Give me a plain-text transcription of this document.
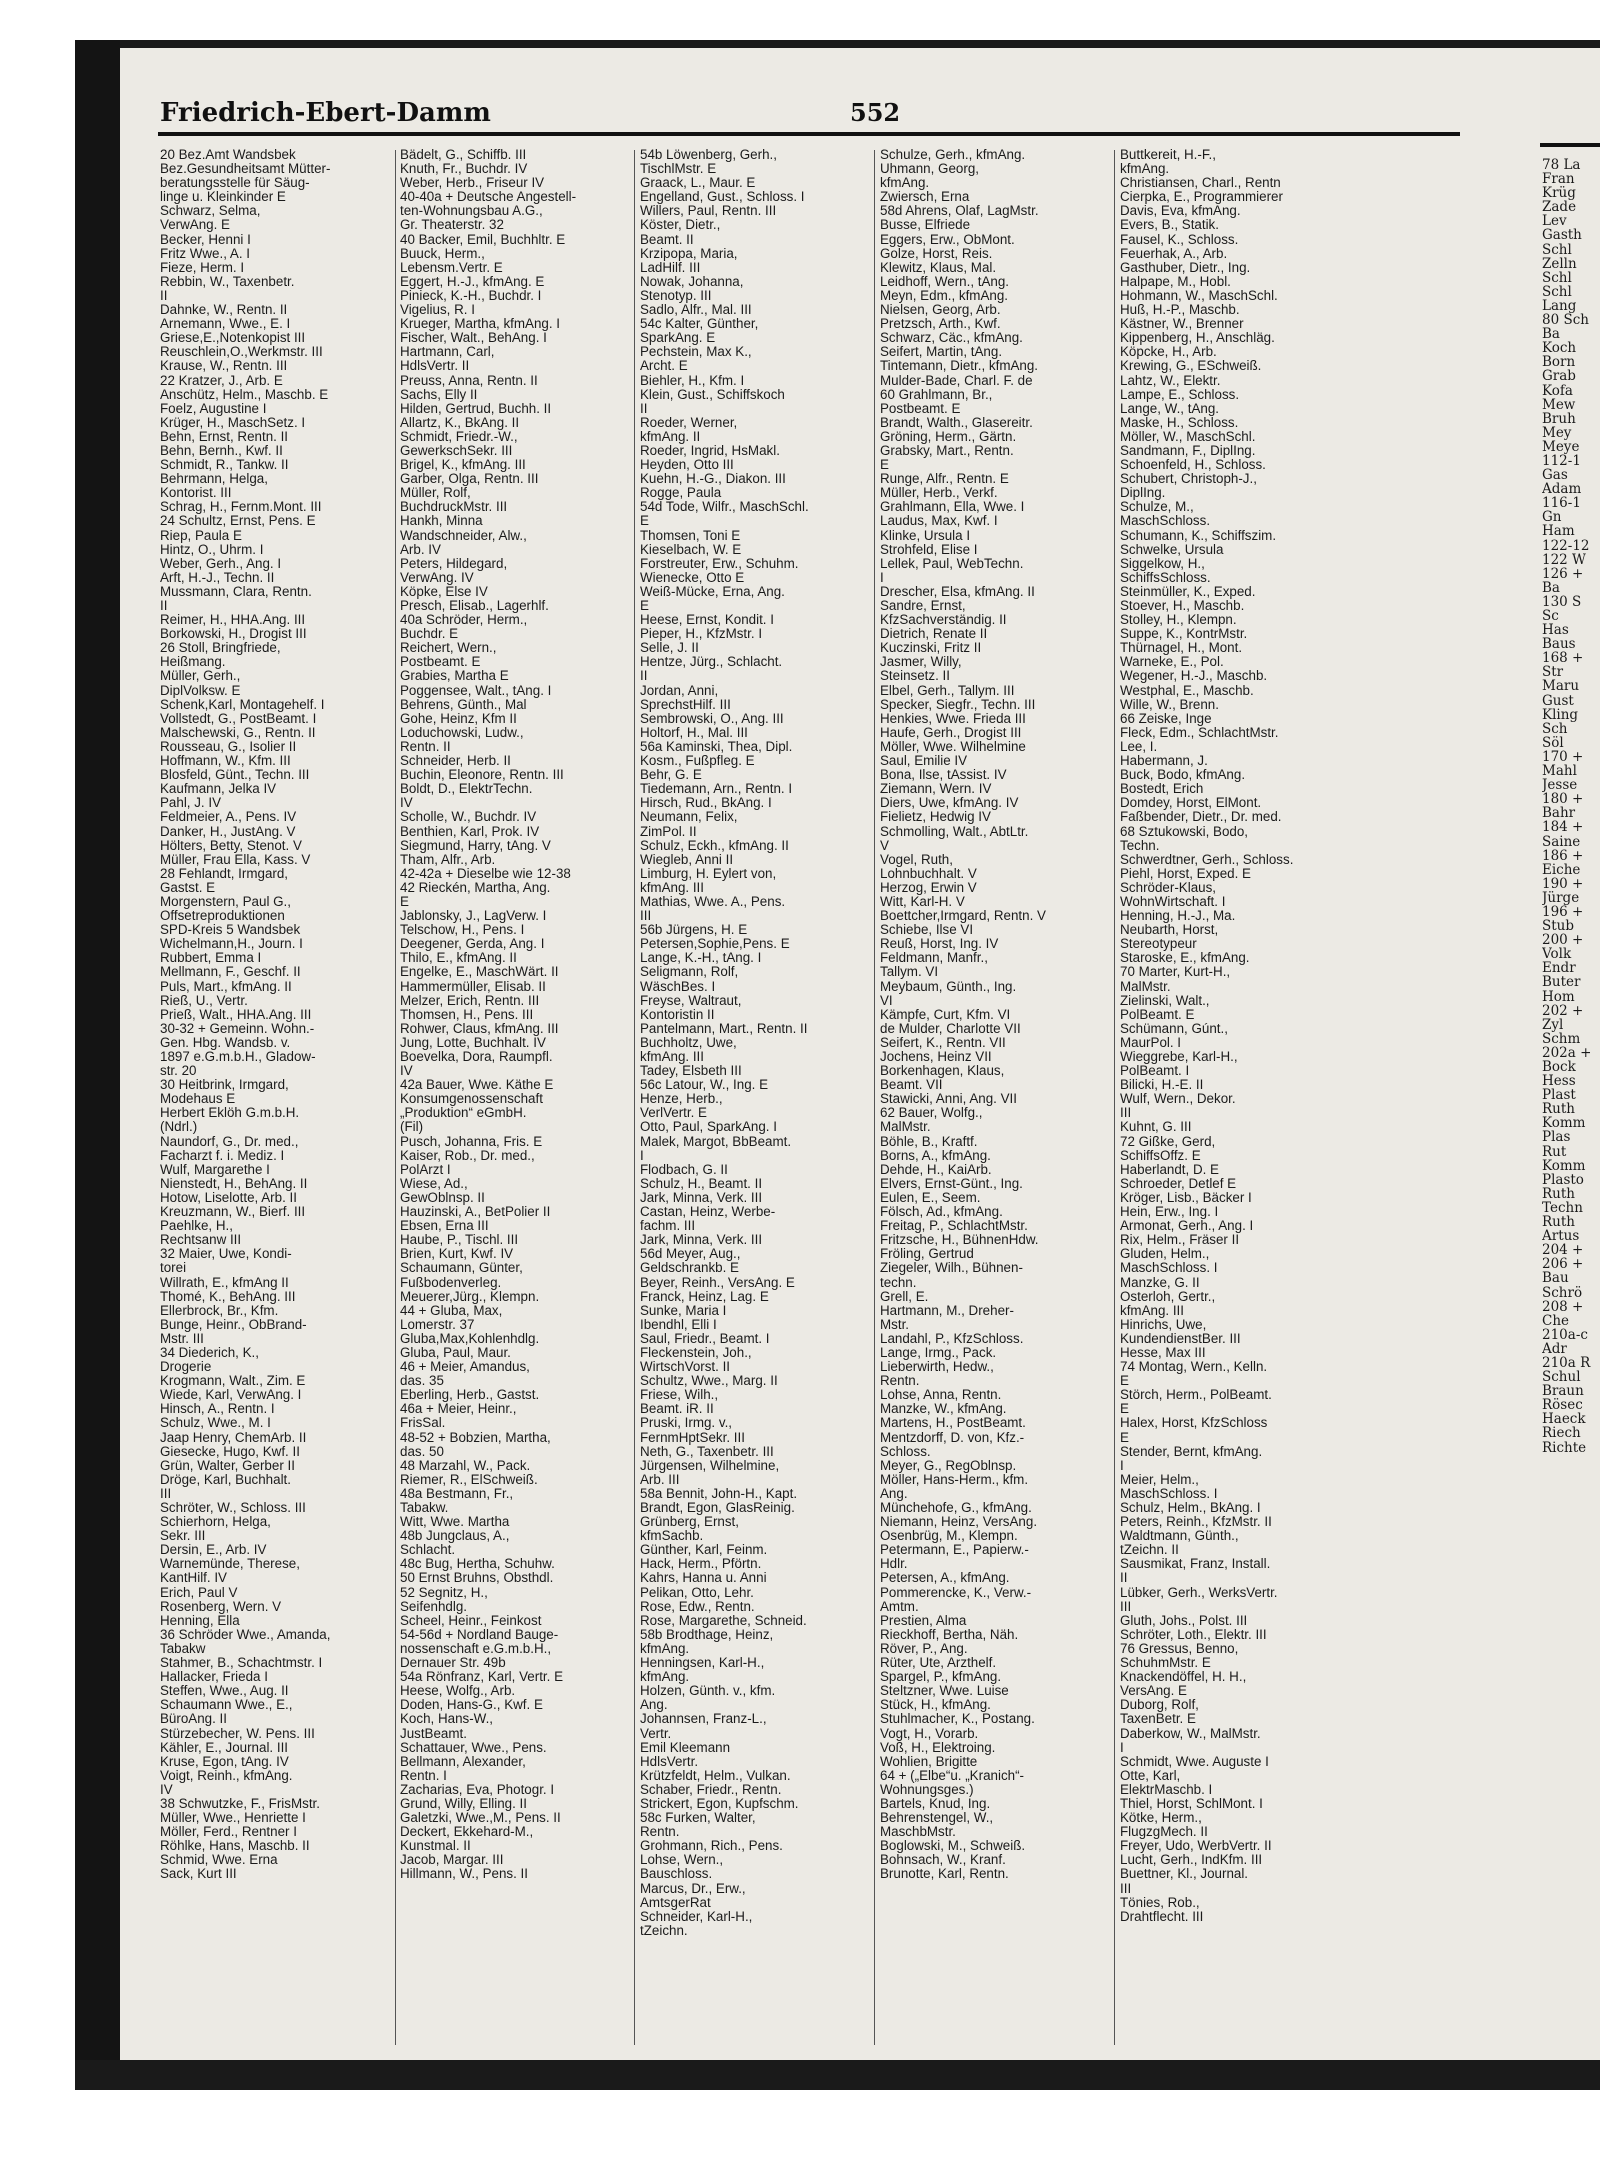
Friedrich-Ebert-Damm	552
20 Bez.Amt Wandsbek
Bez.Gesundheitsamt Mütter-
beratungsstelle für Säug-
linge u. Kleinkinder E
Schwarz, Selma,
VerwAng. E
Becker, Henni I
Fritz Wwe., A. I
Fieze, Herm. I
Rebbin, W., Taxenbetr.
II
Dahnke, W., Rentn. II
Arnemann, Wwe., E. I
Griese,E.,Notenkopist III
Reuschlein,O.,Werkmstr. III
Krause, W., Rentn. III
22 Kratzer, J., Arb. E
Anschütz, Helm., Maschb. E
Foelz, Augustine I
Krüger, H., MaschSetz. I
Behn, Ernst, Rentn. II
Behn, Bernh., Kwf. II
Schmidt, R., Tankw. II
Behrmann, Helga,
Kontorist. III
Schrag, H., Fernm.Mont. III
24 Schultz, Ernst, Pens. E
Riep, Paula E
Hintz, O., Uhrm. I
Weber, Gerh., Ang. I
Arft, H.-J., Techn. II
Mussmann, Clara, Rentn.
II
Reimer, H., HHA.Ang. III
Borkowski, H., Drogist III
26 Stoll, Bringfriede,
Heißmang.
Müller, Gerh.,
DiplVolksw. E
Schenk,Karl, Montagehelf. I
Vollstedt, G., PostBeamt. I
Malschewski, G., Rentn. II
Rousseau, G., Isolier II
Hoffmann, W., Kfm. III
Blosfeld, Günt., Techn. III
Kaufmann, Jelka IV
Pahl, J. IV
Feldmeier, A., Pens. IV
Danker, H., JustAng. V
Hölters, Betty, Stenot. V
Müller, Frau Ella, Kass. V
28 Fehlandt, Irmgard,
Gastst. E
Morgenstern, Paul G.,
Offsetreproduktionen
SPD-Kreis 5 Wandsbek
Wichelmann,H., Journ. I
Rubbert, Emma I
Mellmann, F., Geschf. II
Puls, Mart., kfmAng. II
Rieß, U., Vertr.
Prieß, Walt., HHA.Ang. III
30-32 + Gemeinn. Wohn.-
Gen. Hbg. Wandsb. v.
1897 e.G.m.b.H., Gladow-
str. 20
30 Heitbrink, Irmgard,
Modehaus E
Herbert Eklöh G.m.b.H.
(Ndrl.)
Naundorf, G., Dr. med.,
Facharzt f. i. Mediz. I
Wulf, Margarethe I
Nienstedt, H., BehAng. II
Hotow, Liselotte, Arb. II
Kreuzmann, W., Bierf. III
Paehlke, H.,
Rechtsanw III
32 Maier, Uwe, Kondi-
torei
Willrath, E., kfmAng II
Thomé, K., BehAng. III
Ellerbrock, Br., Kfm.
Bunge, Heinr., ObBrand-
Mstr. III
34 Diederich, K.,
Drogerie
Krogmann, Walt., Zim. E
Wiede, Karl, VerwAng. I
Hinsch, A., Rentn. I
Schulz, Wwe., M. I
Jaap Henry, ChemArb. II
Giesecke, Hugo, Kwf. II
Grün, Walter, Gerber II
Dröge, Karl, Buchhalt.
III
Schröter, W., Schloss. III
Schierhorn, Helga,
Sekr. III
Dersin, E., Arb. IV
Warnemünde, Therese,
KantHilf. IV
Erich, Paul V
Rosenberg, Wern. V
Henning, Ella
36 Schröder Wwe., Amanda,
Tabakw
Stahmer, B., Schachtmstr. I
Hallacker, Frieda I
Steffen, Wwe., Aug. II
Schaumann Wwe., E.,
BüroAng. II
Stürzebecher, W. Pens. III
Kähler, E., Journal. III
Kruse, Egon, tAng. IV
Voigt, Reinh., kfmAng.
IV
38 Schwutzke, F., FrisMstr.
Müller, Wwe., Henriette I
Möller, Ferd., Rentner I
Röhlke, Hans, Maschb. II
Schmid, Wwe. Erna
Sack, Kurt III
Bädelt, G., Schiffb. III
Knuth, Fr., Buchdr. IV
Weber, Herb., Friseur IV
40-40a + Deutsche Angestell-
ten-Wohnungsbau A.G.,
Gr. Theaterstr. 32
40 Backer, Emil, Buchhltr. E
Buuck, Herm.,
Lebensm.Vertr. E
Eggert, H.-J., kfmAng. E
Pinieck, K.-H., Buchdr. I
Vigelius, R. I
Krueger, Martha, kfmAng. I
Fischer, Walt., BehAng. I
Hartmann, Carl,
HdlsVertr. II
Preuss, Anna, Rentn. II
Sachs, Elly II
Hilden, Gertrud, Buchh. II
Allartz, K., BkAng. II
Schmidt, Friedr.-W.,
GewerkschSekr. III
Brigel, K., kfmAng. III
Garber, Olga, Rentn. III
Müller, Rolf,
BuchdruckMstr. III
Hankh, Minna
Wandschneider, Alw.,
Arb. IV
Peters, Hildegard,
VerwAng. IV
Köpke, Else IV
Presch, Elisab., Lagerhlf.
40a Schröder, Herm.,
Buchdr. E
Reichert, Wern.,
Postbeamt. E
Grabies, Martha E
Poggensee, Walt., tAng. I
Behrens, Günth., Mal
Gohe, Heinz, Kfm II
Loduchowski, Ludw.,
Rentn. II
Schneider, Herb. II
Buchin, Eleonore, Rentn. III
Boldt, D., ElektrTechn.
IV
Scholle, W., Buchdr. IV
Benthien, Karl, Prok. IV
Siegmund, Harry, tAng. V
Tham, Alfr., Arb.
42-42a + Dieselbe wie 12-38
42 Rieckén, Martha, Ang.
E
Jablonsky, J., LagVerw. I
Telschow, H., Pens. I
Deegener, Gerda, Ang. I
Thilo, E., kfmAng. II
Engelke, E., MaschWärt. II
Hammermüller, Elisab. II
Melzer, Erich, Rentn. III
Thomsen, H., Pens. III
Rohwer, Claus, kfmAng. III
Jung, Lotte, Buchhalt. IV
Boevelka, Dora, Raumpfl.
IV
42a Bauer, Wwe. Käthe E
Konsumgenossenschaft
„Produktion“ eGmbH.
(Fil)
Pusch, Johanna, Fris. E
Kaiser, Rob., Dr. med.,
PolArzt I
Wiese, Ad.,
GewOblnsp. II
Hauzinski, A., BetPolier II
Ebsen, Erna III
Haube, P., Tischl. III
Brien, Kurt, Kwf. IV
Schaumann, Günter,
Fußbodenverleg.
Meuerer,Jürg., Klempn.
44 + Gluba, Max,
Lomerstr. 37
Gluba,Max,Kohlenhdlg.
Gluba, Paul, Maur.
46 + Meier, Amandus,
das. 35
Eberling, Herb., Gastst.
46a + Meier, Heinr.,
FrisSal.
48-52 + Bobzien, Martha,
das. 50
48 Marzahl, W., Pack.
Riemer, R., ElSchweiß.
48a Bestmann, Fr.,
Tabakw.
Witt, Wwe. Martha
48b Jungclaus, A.,
Schlacht.
48c Bug, Hertha, Schuhw.
50 Ernst Bruhns, Obsthdl.
52 Segnitz, H.,
Seifenhdlg.
Scheel, Heinr., Feinkost
54-56d + Nordland Bauge-
nossenschaft e.G.m.b.H.,
Dernauer Str. 49b
54a Rönfranz, Karl, Vertr. E
Heese, Wolfg., Arb.
Doden, Hans-G., Kwf. E
Koch, Hans-W.,
JustBeamt.
Schattauer, Wwe., Pens.
Bellmann, Alexander,
Rentn. I
Zacharias, Eva, Photogr. I
Grund, Willy, Elling. II
Galetzki, Wwe.,M., Pens. II
Deckert, Ekkehard-M.,
Kunstmal. II
Jacob, Margar. III
Hillmann, W., Pens. II
54b Löwenberg, Gerh.,
TischlMstr. E
Graack, L., Maur. E
Engelland, Gust., Schloss. I
Willers, Paul, Rentn. III
Köster, Dietr.,
Beamt. II
Krzipopa, Maria,
LadHilf. III
Nowak, Johanna,
Stenotyp. III
Sadlo, Alfr., Mal. III
54c Kalter, Günther,
SparkAng. E
Pechstein, Max K.,
Archt. E
Biehler, H., Kfm. I
Klein, Gust., Schiffskoch
II
Roeder, Werner,
kfmAng. II
Roeder, Ingrid, HsMakl.
Heyden, Otto III
Kuehn, H.-G., Diakon. III
Rogge, Paula
54d Tode, Wilfr., MaschSchl.
E
Thomsen, Toni E
Kieselbach, W. E
Forstreuter, Erw., Schuhm.
Wienecke, Otto E
Weiß-Mücke, Erna, Ang.
E
Heese, Ernst, Kondit. I
Pieper, H., KfzMstr. I
Selle, J. II
Hentze, Jürg., Schlacht.
II
Jordan, Anni,
SprechstHilf. III
Sembrowski, O., Ang. III
Holtorf, H., Mal. III
56a Kaminski, Thea, Dipl.
Kosm., Fußpfleg. E
Behr, G. E
Tiedemann, Arn., Rentn. I
Hirsch, Rud., BkAng. I
Neumann, Felix,
ZimPol. II
Schulz, Eckh., kfmAng. II
Wiegleb, Anni II
Limburg, H. Eylert von,
kfmAng. III
Mathias, Wwe. A., Pens.
III
56b Jürgens, H. E
Petersen,Sophie,Pens. E
Lange, K.-H., tAng. I
Seligmann, Rolf,
WäschBes. I
Freyse, Waltraut,
Kontoristin II
Pantelmann, Mart., Rentn. II
Buchholtz, Uwe,
kfmAng. III
Tadey, Elsbeth III
56c Latour, W., Ing. E
Henze, Herb.,
VerlVertr. E
Otto, Paul, SparkAng. I
Malek, Margot, BbBeamt.
I
Flodbach, G. II
Schulz, H., Beamt. II
Jark, Minna, Verk. III
Castan, Heinz, Werbe-
fachm. III
Jark, Minna, Verk. III
56d Meyer, Aug.,
Geldschrankb. E
Beyer, Reinh., VersAng. E
Franck, Heinz, Lag. E
Sunke, Maria I
Ibendhl, Elli I
Saul, Friedr., Beamt. I
Fleckenstein, Joh.,
WirtschVorst. II
Schultz, Wwe., Marg. II
Friese, Wilh.,
Beamt. iR. II
Pruski, Irmg. v.,
FernmHptSekr. III
Neth, G., Taxenbetr. III
Jürgensen, Wilhelmine,
Arb. III
58a Bennit, John-H., Kapt.
Brandt, Egon, GlasReinig.
Grünberg, Ernst,
kfmSachb.
Günther, Karl, Feinm.
Hack, Herm., Pförtn.
Kahrs, Hanna u. Anni
Pelikan, Otto, Lehr.
Rose, Edw., Rentn.
Rose, Margarethe, Schneid.
58b Brodthage, Heinz,
kfmAng.
Henningsen, Karl-H.,
kfmAng.
Holzen, Günth. v., kfm.
Ang.
Johannsen, Franz-L.,
Vertr.
Emil Kleemann
HdlsVertr.
Krützfeldt, Helm., Vulkan.
Schaber, Friedr., Rentn.
Strickert, Egon, Kupfschm.
58c Furken, Walter,
Rentn.
Grohmann, Rich., Pens.
Lohse, Wern.,
Bauschloss.
Marcus, Dr., Erw.,
AmtsgerRat
Schneider, Karl-H.,
tZeichn.
Schulze, Gerh., kfmAng.
Uhmann, Georg,
kfmAng.
Zwiersch, Erna
58d Ahrens, Olaf, LagMstr.
Busse, Elfriede
Eggers, Erw., ObMont.
Golze, Horst, Reis.
Klewitz, Klaus, Mal.
Leidhoff, Wern., tAng.
Meyn, Edm., kfmAng.
Nielsen, Georg, Arb.
Pretzsch, Arth., Kwf.
Schwarz, Cäc., kfmAng.
Seifert, Martin, tAng.
Tintemann, Dietr., kfmAng.
Mulder-Bade, Charl. F. de
60 Grahlmann, Br.,
Postbeamt. E
Brandt, Walth., Glasereitr.
Gröning, Herm., Gärtn.
Grabsky, Mart., Rentn.
E
Runge, Alfr., Rentn. E
Müller, Herb., Verkf.
Grahlmann, Ella, Wwe. I
Laudus, Max, Kwf. I
Klinke, Ursula I
Strohfeld, Elise I
Lellek, Paul, WebTechn.
I
Drescher, Elsa, kfmAng. II
Sandre, Ernst,
KfzSachverständig. II
Dietrich, Renate II
Kuczinski, Fritz II
Jasmer, Willy,
Steinsetz. II
Elbel, Gerh., Tallym. III
Specker, Siegfr., Techn. III
Henkies, Wwe. Frieda III
Haufe, Gerh., Drogist III
Möller, Wwe. Wilhelmine
Saul, Emilie IV
Bona, Ilse, tAssist. IV
Ziemann, Wern. IV
Diers, Uwe, kfmAng. IV
Fielietz, Hedwig IV
Schmolling, Walt., AbtLtr.
V
Vogel, Ruth,
Lohnbuchhalt. V
Herzog, Erwin V
Witt, Karl-H. V
Boettcher,Irmgard, Rentn. V
Schiebe, Ilse VI
Reuß, Horst, Ing. IV
Feldmann, Manfr.,
Tallym. VI
Meybaum, Günth., Ing.
VI
Kämpfe, Curt, Kfm. VI
de Mulder, Charlotte VII
Seifert, K., Rentn. VII
Jochens, Heinz VII
Borkenhagen, Klaus,
Beamt. VII
Stawicki, Anni, Ang. VII
62 Bauer, Wolfg.,
MalMstr.
Böhle, B., Kraftf.
Borns, A., kfmAng.
Dehde, H., KaiArb.
Elvers, Ernst-Günt., Ing.
Eulen, E., Seem.
Fölsch, Ad., kfmAng.
Freitag, P., SchlachtMstr.
Fritzsche, H., BühnenHdw.
Fröling, Gertrud
Ziegeler, Wilh., Bühnen-
techn.
Grell, E.
Hartmann, M., Dreher-
Mstr.
Landahl, P., KfzSchloss.
Lange, Irmg., Pack.
Lieberwirth, Hedw.,
Rentn.
Lohse, Anna, Rentn.
Manzke, W., kfmAng.
Martens, H., PostBeamt.
Mentzdorff, D. von, Kfz.-
Schloss.
Meyer, G., RegOblnsp.
Möller, Hans-Herm., kfm.
Ang.
Münchehofe, G., kfmAng.
Niemann, Heinz, VersAng.
Osenbrüg, M., Klempn.
Petermann, E., Papierw.-
Hdlr.
Petersen, A., kfmAng.
Pommerencke, K., Verw.-
Amtm.
Prestien, Alma
Rieckhoff, Bertha, Näh.
Röver, P., Ang.
Rüter, Ute, Arzthelf.
Spargel, P., kfmAng.
Steltzner, Wwe. Luise
Stück, H., kfmAng.
Stuhlmacher, K., Postang.
Vogt, H., Vorarb.
Voß, H., Elektroing.
Wohlien, Brigitte
64 + („Elbe“u. „Kranich“-
Wohnungsges.)
Bartels, Knud, Ing.
Behrenstengel, W.,
MaschbMstr.
Boglowski, M., Schweiß.
Bohnsach, W., Kranf.
Brunotte, Karl, Rentn.
Buttkereit, H.-F.,
kfmAng.
Christiansen, Charl., Rentn
Cierpka, E., Programmierer
Davis, Eva, kfmAng.
Evers, B., Statik.
Fausel, K., Schloss.
Feuerhak, A., Arb.
Gasthuber, Dietr., Ing.
Halpape, M., Hobl.
Hohmann, W., MaschSchl.
Huß, H.-P., Maschb.
Kästner, W., Brenner
Kippenberg, H., Anschläg.
Köpcke, H., Arb.
Krewing, G., ESchweiß.
Lahtz, W., Elektr.
Lampe, E., Schloss.
Lange, W., tAng.
Maske, H., Schloss.
Möller, W., MaschSchl.
Sandmann, F., DiplIng.
Schoenfeld, H., Schloss.
Schubert, Christoph-J.,
DiplIng.
Schulze, M.,
MaschSchloss.
Schumann, K., Schiffszim.
Schwelke, Ursula
Siggelkow, H.,
SchiffsSchloss.
Steinmüller, K., Exped.
Stoever, H., Maschb.
Stolley, H., Klempn.
Suppe, K., KontrMstr.
Thürnagel, H., Mont.
Warneke, E., Pol.
Wegener, H.-J., Maschb.
Westphal, E., Maschb.
Wille, W., Brenn.
66 Zeiske, Inge
Fleck, Edm., SchlachtMstr.
Lee, I.
Habermann, J.
Buck, Bodo, kfmAng.
Bostedt, Erich
Domdey, Horst, ElMont.
Faßbender, Dietr., Dr. med.
68 Sztukowski, Bodo,
Techn.
Schwerdtner, Gerh., Schloss.
Piehl, Horst, Exped. E
Schröder-Klaus,
WohnWirtschaft. I
Henning, H.-J., Ma.
Neubarth, Horst,
Stereotypeur
Staroske, E., kfmAng.
70 Marter, Kurt-H.,
MalMstr.
Zielinski, Walt.,
PolBeamt. E
Schümann, Gúnt.,
MaurPol. I
Wieggrebe, Karl-H.,
PolBeamt. I
Bilicki, H.-E. II
Wulf, Wern., Dekor.
III
Kuhnt, G. III
72 Gißke, Gerd,
SchiffsOffz. E
Haberlandt, D. E
Schroeder, Detlef E
Kröger, Lisb., Bäcker I
Hein, Erw., Ing. I
Armonat, Gerh., Ang. I
Rix, Helm., Fräser II
Gluden, Helm.,
MaschSchloss. I
Manzke, G. II
Osterloh, Gertr.,
kfmAng. III
Hinrichs, Uwe,
KundendienstBer. III
Hesse, Max III
74 Montag, Wern., Kelln.
E
Störch, Herm., PolBeamt.
E
Halex, Horst, KfzSchloss
E
Stender, Bernt, kfmAng.
I
Meier, Helm.,
MaschSchloss. I
Schulz, Helm., BkAng. I
Peters, Reinh., KfzMstr. II
Waldtmann, Günth.,
tZeichn. II
Sausmikat, Franz, Install.
II
Lübker, Gerh., WerksVertr.
III
Gluth, Johs., Polst. III
Schröter, Loth., Elektr. III
76 Gressus, Benno,
SchuhmMstr. E
Knackendöffel, H. H.,
VersAng. E
Duborg, Rolf,
TaxenBetr. E
Daberkow, W., MalMstr.
I
Schmidt, Wwe. Auguste I
Otte, Karl,
ElektrMaschb. I
Thiel, Horst, SchlMont. I
Kötke, Herm.,
FlugzgMech. II
Freyer, Udo, WerbVertr. II
Lucht, Gerh., IndKfm. III
Buettner, Kl., Journal.
III
Tönies, Rob.,
Drahtflecht. III
78 La
Fran
Krüg
Zade
Lev
Gasth
Schl
Zelln
Schl
Schl
Lang
80 Sch
Ba
Koch
Born
Grab
Kofa
Mew
Bruh
Mey
Meye
112-1
Gas
Adam
116-1
Gn
Ham
122-12
122 W
126 +
Ba
130 S
Sc
Has
Baus
168 +
Str
Maru
Gust
Kling
Sch
Söl
170 +
Mahl
Jesse
180 +
Bahr
184 +
Saine
186 +
Eiche
190 +
Jürge
196 +
Stub
200 +
Volk
Endr
Buter
Hom
202 +
Zyl
Schm
202a +
Bock
Hess
Plast
Ruth
Komm
Plas
Rut
Komm
Plasto
Ruth
Techn
Ruth
Artus
204 +
206 +
Bau
Schrö
208 +
Che
210a-c
Adr
210a R
Schul
Braun
Rösec
Haeck
Riech
Richte
